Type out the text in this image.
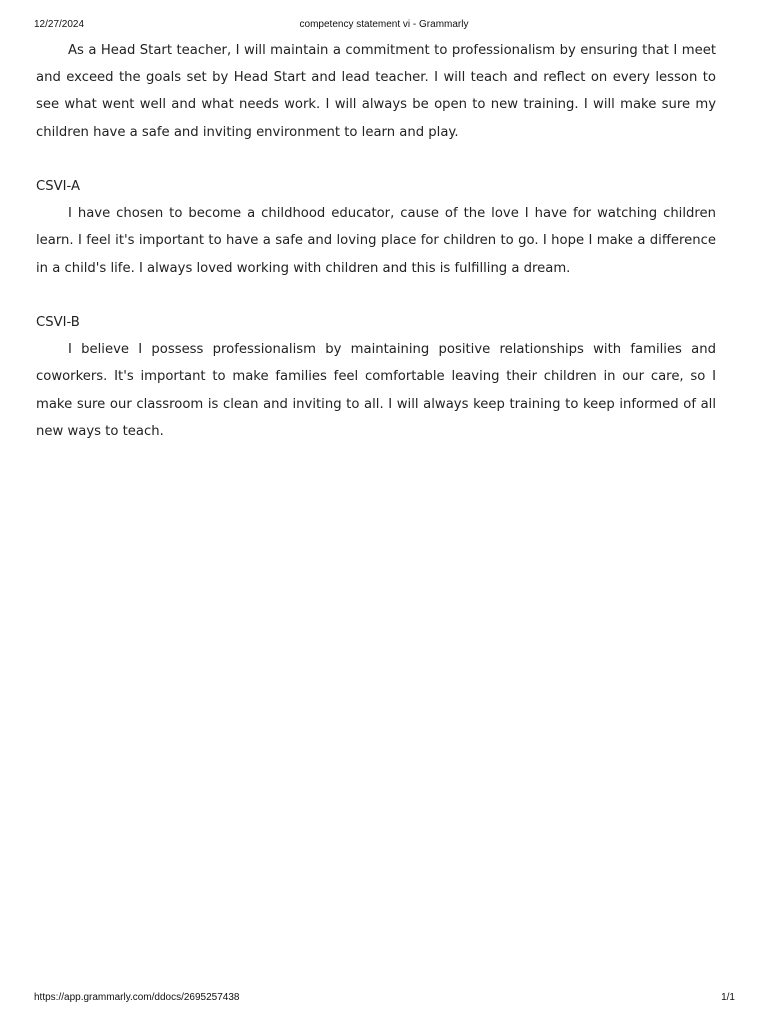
12/27/2024	competency statement vi - Grammarly

As a Head Start teacher, I will maintain a commitment to professionalism by ensuring that I meet and exceed the goals set by Head Start and lead teacher. I will teach and reflect on every lesson to see what went well and what needs work. I will always be open to new training. I will make sure my children have a safe and inviting environment to learn and play.

CSVI-A

I have chosen to become a childhood educator, cause of the love I have for watching children learn. I feel it's important to have a safe and loving place for children to go. I hope I make a difference in a child's life. I always loved working with children and this is fulfilling a dream.

CSVI-B

I believe I possess professionalism by maintaining positive relationships with families and coworkers. It's important to make families feel comfortable leaving their children in our care, so I make sure our classroom is clean and inviting to all. I will always keep training to keep informed of all new ways to teach.

https://app.grammarly.com/ddocs/2695257438	1/1
